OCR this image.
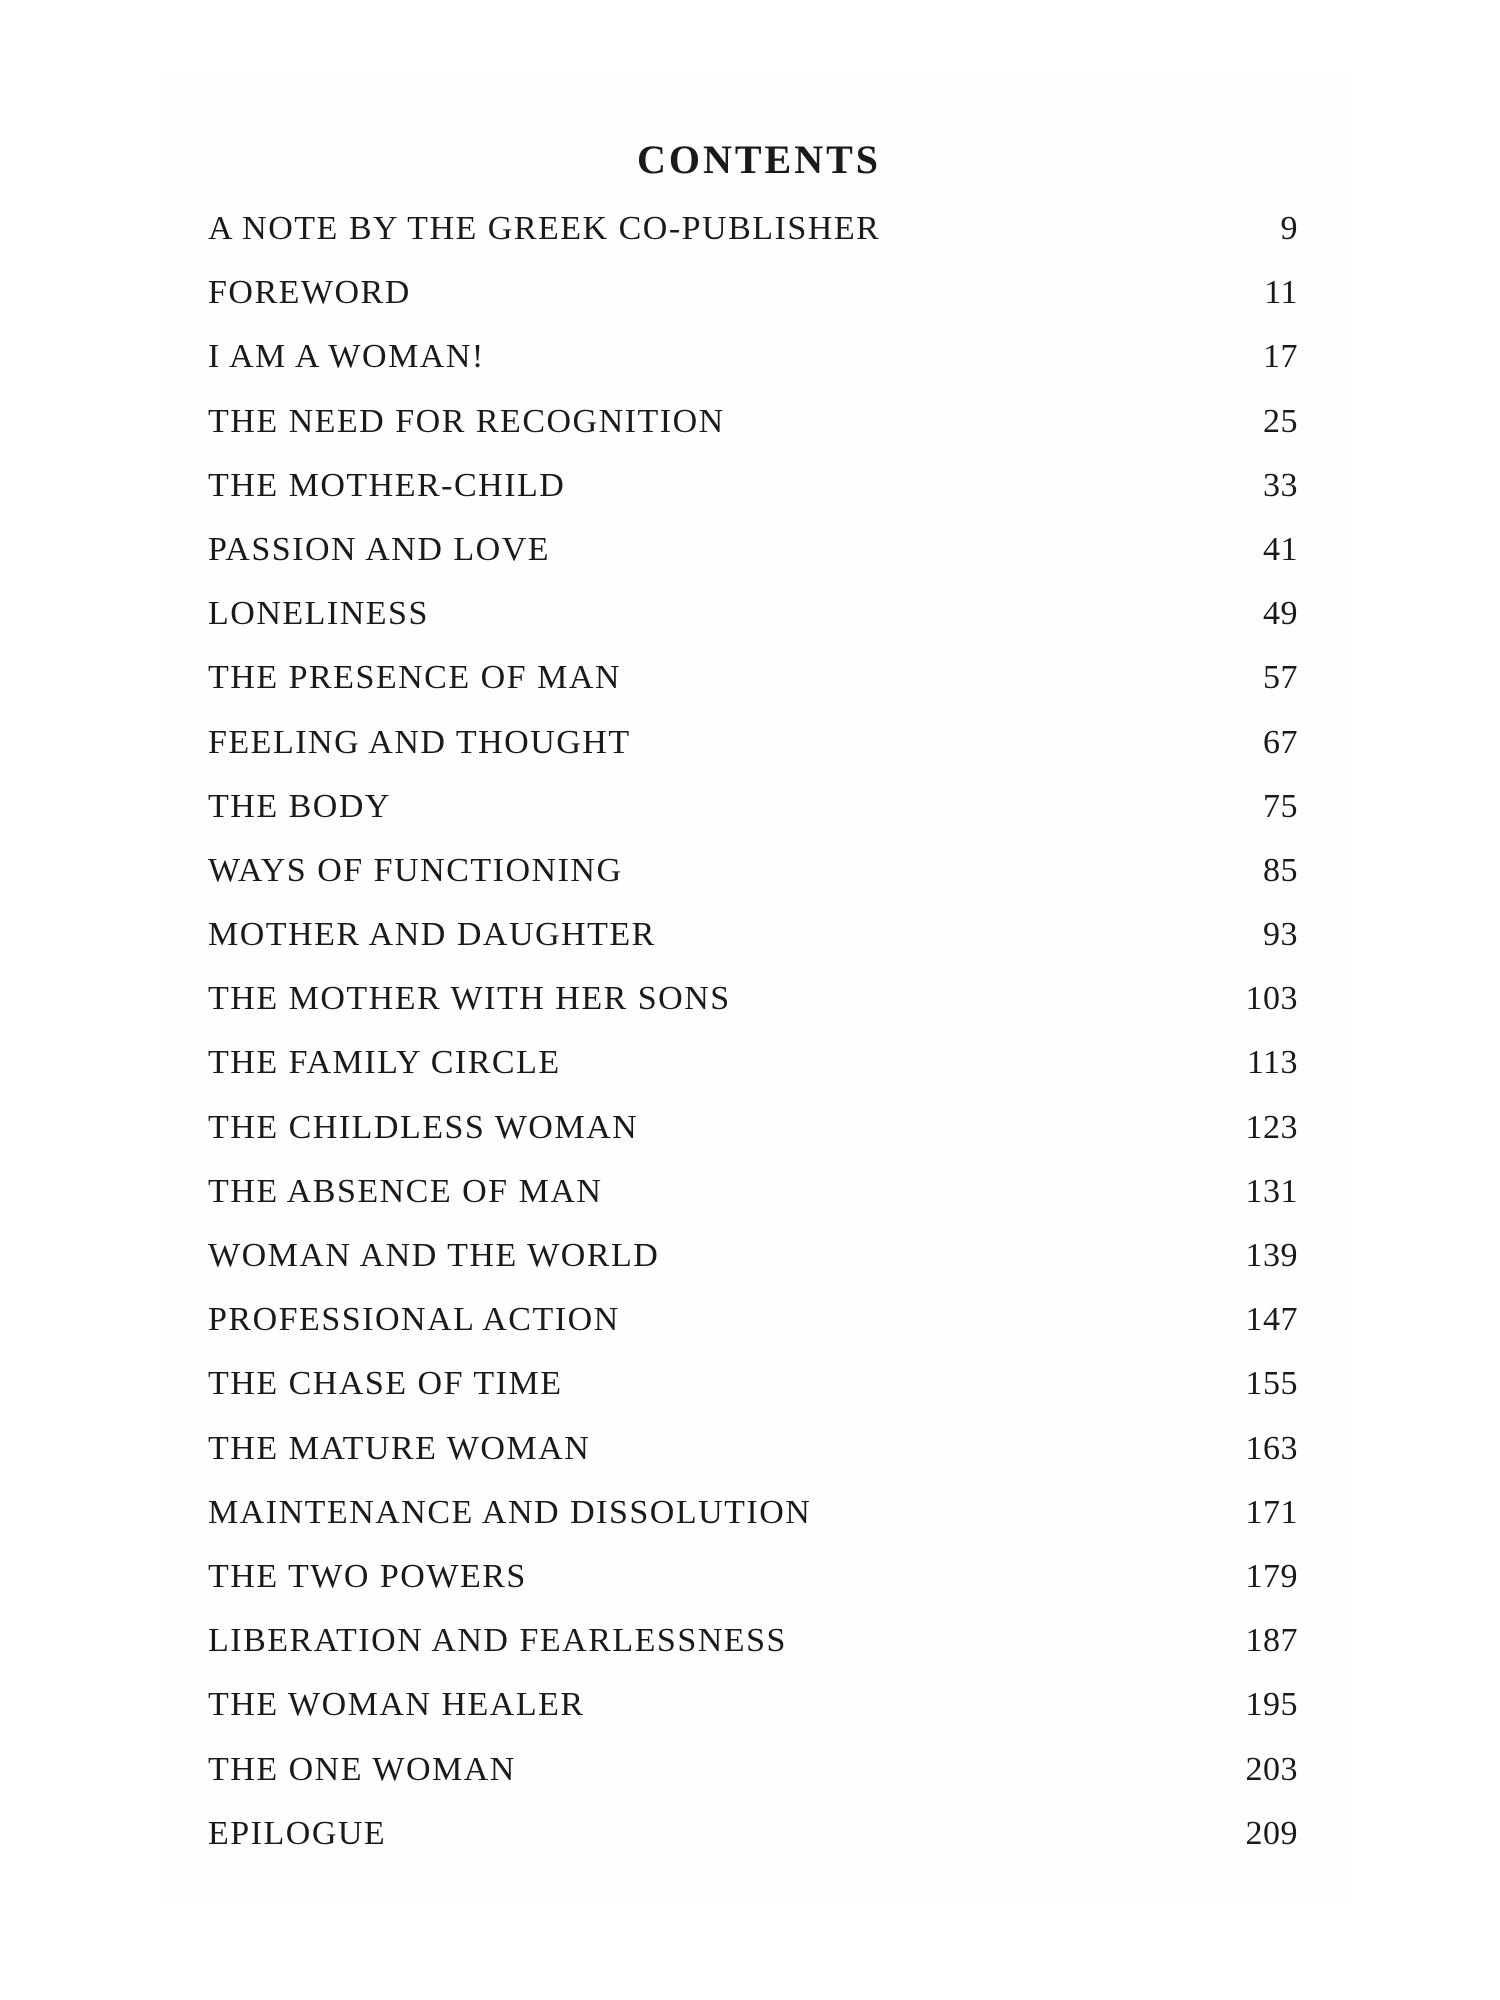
CONTENTS
A NOTE BY THE GREEK CO-PUBLISHER	9
FOREWORD	11
I AM A WOMAN!	17
THE NEED FOR RECOGNITION	25
THE MOTHER-CHILD	33
PASSION AND LOVE	41
LONELINESS	49
THE PRESENCE OF MAN	57
FEELING AND THOUGHT	67
THE BODY	75
WAYS OF FUNCTIONING	85
MOTHER AND DAUGHTER	93
THE MOTHER WITH HER SONS	103
THE FAMILY CIRCLE	113
THE CHILDLESS WOMAN	123
THE ABSENCE OF MAN	131
WOMAN AND THE WORLD	139
PROFESSIONAL ACTION	147
THE CHASE OF TIME	155
THE MATURE WOMAN	163
MAINTENANCE AND DISSOLUTION	171
THE TWO POWERS	179
LIBERATION AND FEARLESSNESS	187
THE WOMAN HEALER	195
THE ONE WOMAN	203
EPILOGUE	209
